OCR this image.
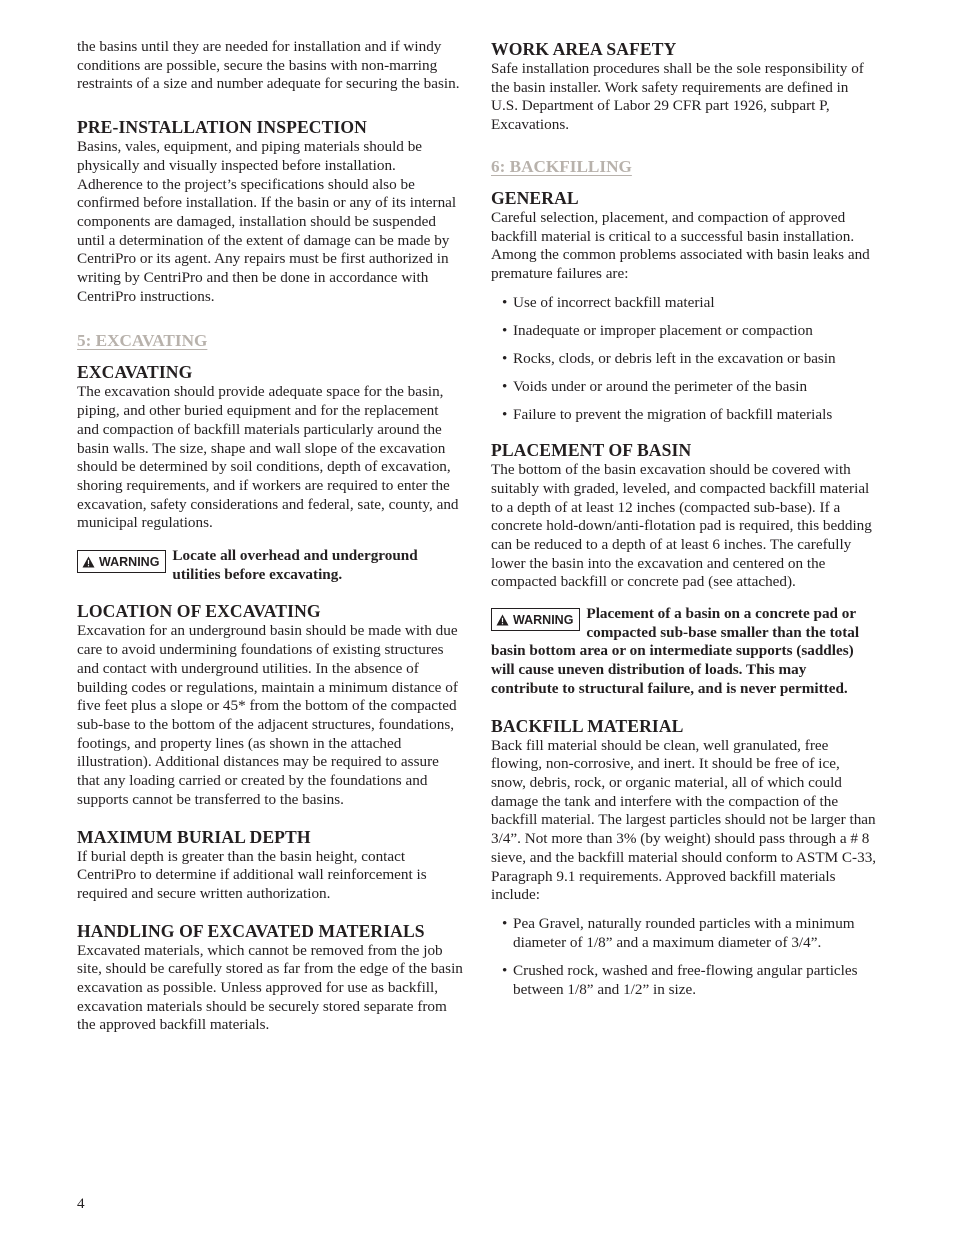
the basins until they are needed for installation and if windy conditions are possible, secure the basins with non-marring restraints of a size and number adequate for securing the basin.

PRE-INSTALLATION INSPECTION

Basins, vales, equipment, and piping materials should be physically and visually inspected before installation. Adherence to the project’s specifications should also be confirmed before installation. If the basin or any of its internal components are damaged, installation should be suspended until a determination of the extent of damage can be made by CentriPro or its agent. Any repairs must be first authorized in writing by CentriPro and then be done in accordance with CentriPro instructions.

5: EXCAVATING
EXCAVATING

The excavation should provide adequate space for the basin, piping, and other buried equipment and for the replacement and compaction of backfill materials particularly around the basin walls. The size, shape and wall slope of the excavation should be determined by soil conditions, depth of excavation, shoring requirements, and if workers are required to enter the excavation, safety considerations and federal, sate, county, and municipal regulations.

WARNING Locate all overhead and underground utilities before excavating.
LOCATION OF EXCAVATING

Excavation for an underground basin should be made with due care to avoid undermining foundations of existing structures and contact with underground utilities. In the absence of building codes or regulations, maintain a minimum distance of five feet plus a slope or 45* from the bottom of the compacted sub-base to the bottom of the adjacent structures, foundations, footings, and property lines (as shown in the attached illustration). Additional distances may be required to assure that any loading carried or created by the foundations and supports cannot be transferred to the basins.

MAXIMUM BURIAL DEPTH

If burial depth is greater than the basin height, contact CentriPro to determine if additional wall reinforcement is required and secure written authorization.

HANDLING OF EXCAVATED MATERIALS

Excavated materials, which cannot be removed from the job site, should be carefully stored as far from the edge of the basin excavation as possible. Unless approved for use as backfill, excavation materials should be securely stored separate from the approved backfill materials.

WORK AREA SAFETY

Safe installation procedures shall be the sole responsibility of the basin installer. Work safety requirements are defined in U.S. Department of Labor 29 CFR part 1926, subpart P, Excavations.

6: BACKFILLING
GENERAL

Careful selection, placement, and compaction of approved backfill material is critical to a successful basin installation. Among the common problems associated with basin leaks and premature failures are:

• Use of incorrect backfill material
• Inadequate or improper placement or compaction
• Rocks, clods, or debris left in the excavation or basin
• Voids under or around the perimeter of the basin
• Failure to prevent the migration of backfill materials
PLACEMENT OF BASIN

The bottom of the basin excavation should be covered with suitably with graded, leveled, and compacted backfill material to a depth of at least 12 inches (compacted sub-base). If a concrete hold-down/anti-flotation pad is required, this bedding can be reduced to a depth of at least 6 inches. The carefully lower the basin into the excavation and centered on the compacted backfill or concrete pad (see attached).

WARNING Placement of a basin on a concrete pad or compacted sub-base smaller than the total basin bottom area or on intermediate supports (saddles) will cause uneven distribution of loads. This may contribute to structural failure, and is never permitted.
BACKFILL MATERIAL

Back fill material should be clean, well granulated, free flowing, non-corrosive, and inert. It should be free of ice, snow, debris, rock, or organic material, all of which could damage the tank and interfere with the compaction of the backfill material. The largest particles should not be larger than 3/4”. Not more than 3% (by weight) should pass through a # 8 sieve, and the backfill material should conform to ASTM C-33, Paragraph 9.1 requirements. Approved backfill materials include:

• Pea Gravel, naturally rounded particles with a minimum diameter of 1/8” and a maximum diameter of 3/4”.
• Crushed rock, washed and free-flowing angular particles between 1/8” and 1/2” in size.
4
